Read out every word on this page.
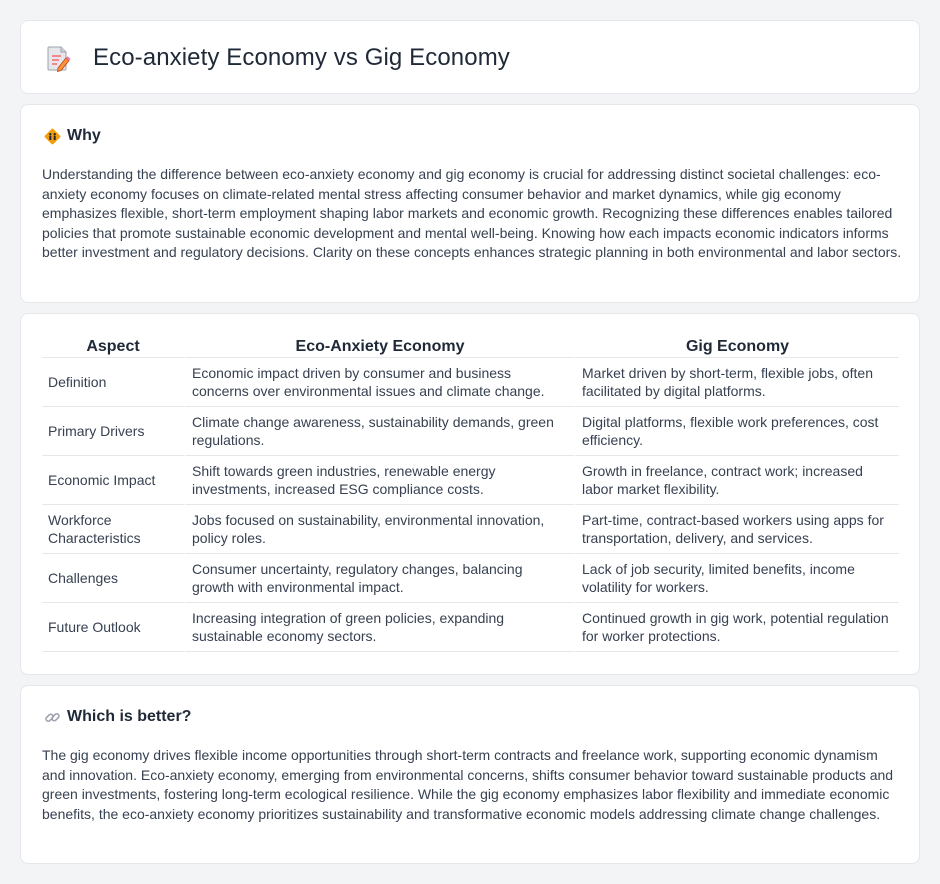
Eco-anxiety Economy vs Gig Economy
Why

Understanding the difference between eco-anxiety economy and gig economy is crucial for addressing distinct societal challenges: eco-anxiety economy focuses on climate-related mental stress affecting consumer behavior and market dynamics, while gig economy emphasizes flexible, short-term employment shaping labor markets and economic growth. Recognizing these differences enables tailored policies that promote sustainable economic development and mental well-being. Knowing how each impacts economic indicators informs better investment and regulatory decisions. Clarity on these concepts enhances strategic planning in both environmental and labor sectors.

Aspect	Eco-Anxiety Economy	Gig Economy
Definition	Economic impact driven by consumer and business concerns over environmental issues and climate change.	Market driven by short-term, flexible jobs, often facilitated by digital platforms.
Primary Drivers	Climate change awareness, sustainability demands, green regulations.	Digital platforms, flexible work preferences, cost efficiency.
Economic Impact	Shift towards green industries, renewable energy investments, increased ESG compliance costs.	Growth in freelance, contract work; increased labor market flexibility.
Workforce Characteristics	Jobs focused on sustainability, environmental innovation, policy roles.	Part-time, contract-based workers using apps for transportation, delivery, and services.
Challenges	Consumer uncertainty, regulatory changes, balancing growth with environmental impact.	Lack of job security, limited benefits, income volatility for workers.
Future Outlook	Increasing integration of green policies, expanding sustainable economy sectors.	Continued growth in gig work, potential regulation for worker protections.
Which is better?

The gig economy drives flexible income opportunities through short-term contracts and freelance work, supporting economic dynamism and innovation. Eco-anxiety economy, emerging from environmental concerns, shifts consumer behavior toward sustainable products and green investments, fostering long-term ecological resilience. While the gig economy emphasizes labor flexibility and immediate economic benefits, the eco-anxiety economy prioritizes sustainability and transformative economic models addressing climate change challenges.
